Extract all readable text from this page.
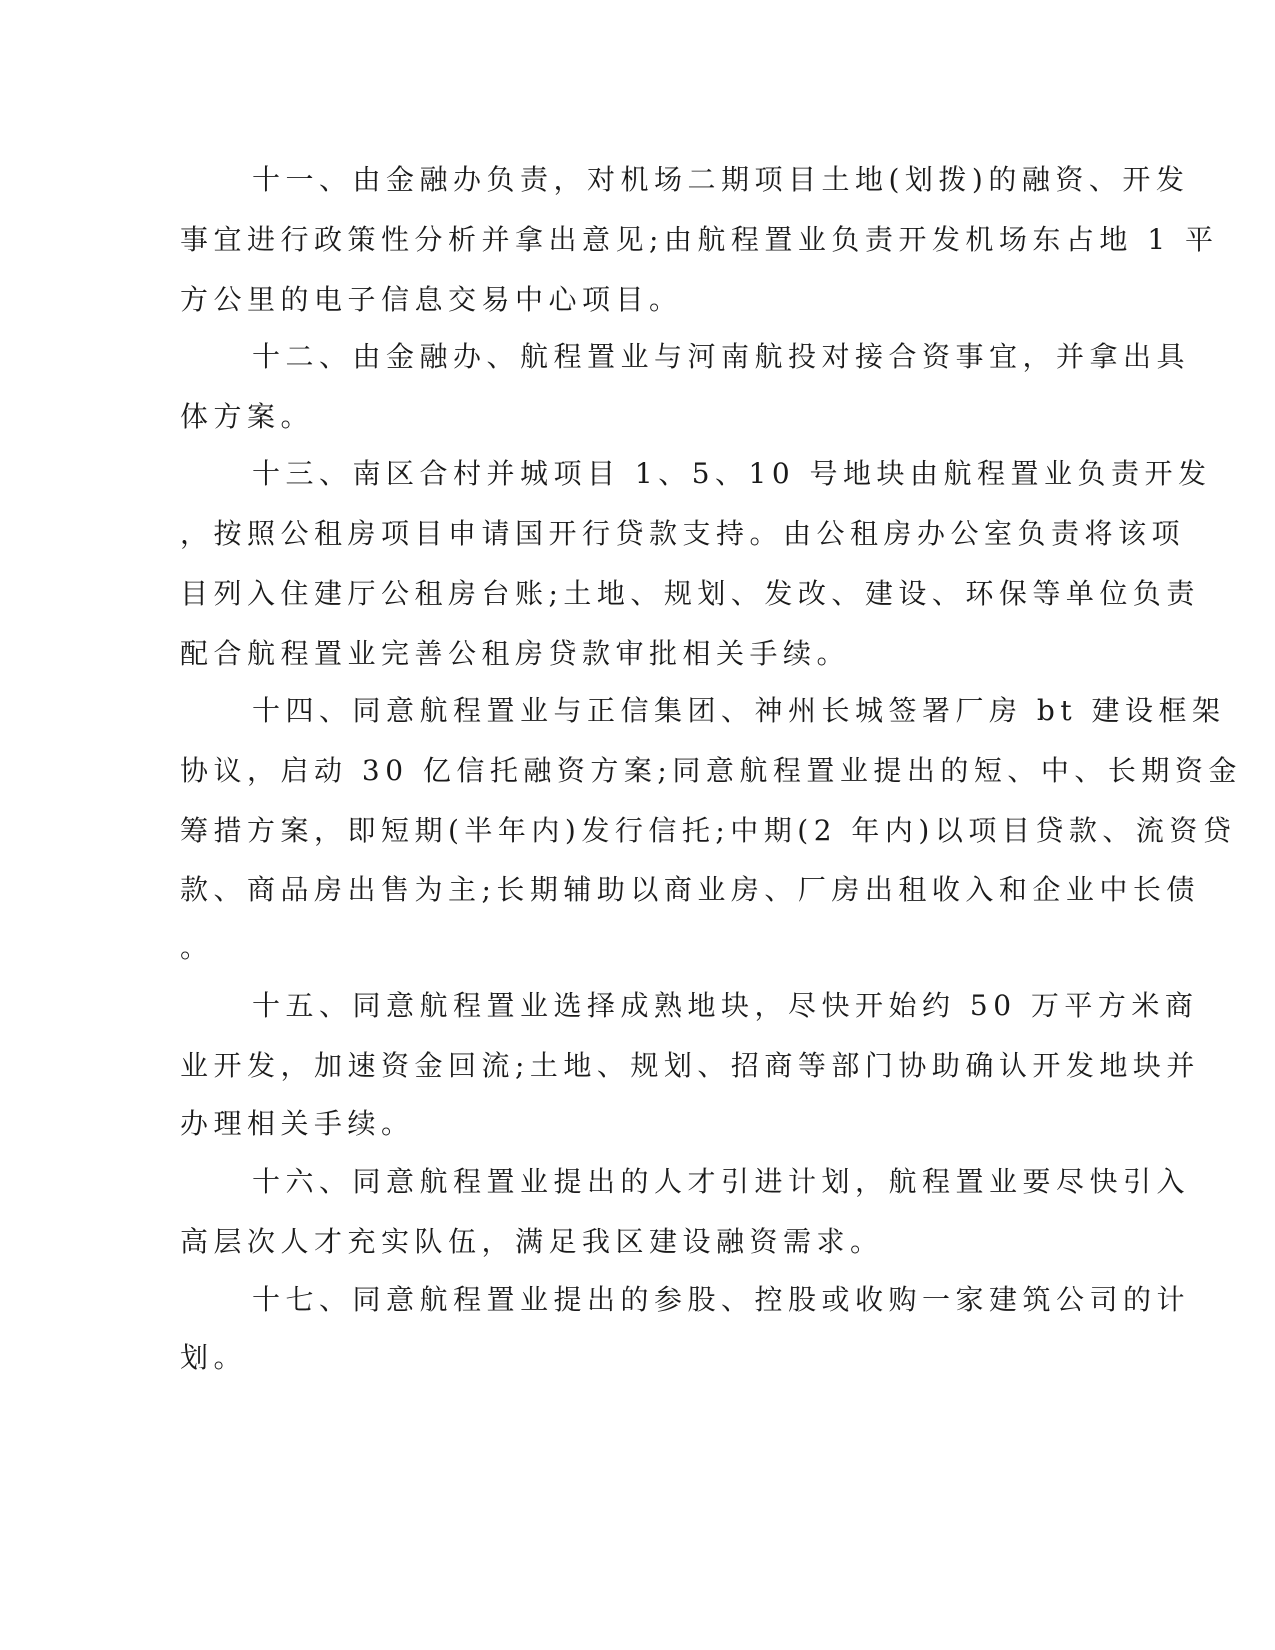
十一、由金融办负责，对机场二期项目土地(划拨)的融资、开发
事宜进行政策性分析并拿出意见;由航程置业负责开发机场东占地 1 平
方公里的电子信息交易中心项目。
十二、由金融办、航程置业与河南航投对接合资事宜，并拿出具
体方案。
十三、南区合村并城项目 1、5、10 号地块由航程置业负责开发
，按照公租房项目申请国开行贷款支持。由公租房办公室负责将该项
目列入住建厅公租房台账;土地、规划、发改、建设、环保等单位负责
配合航程置业完善公租房贷款审批相关手续。
十四、同意航程置业与正信集团、神州长城签署厂房 bt 建设框架
协议，启动 30 亿信托融资方案;同意航程置业提出的短、中、长期资金
筹措方案，即短期(半年内)发行信托;中期(2 年内)以项目贷款、流资贷
款、商品房出售为主;长期辅助以商业房、厂房出租收入和企业中长债
。
十五、同意航程置业选择成熟地块，尽快开始约 50 万平方米商
业开发，加速资金回流;土地、规划、招商等部门协助确认开发地块并
办理相关手续。
十六、同意航程置业提出的人才引进计划，航程置业要尽快引入
高层次人才充实队伍，满足我区建设融资需求。
十七、同意航程置业提出的参股、控股或收购一家建筑公司的计
划。
